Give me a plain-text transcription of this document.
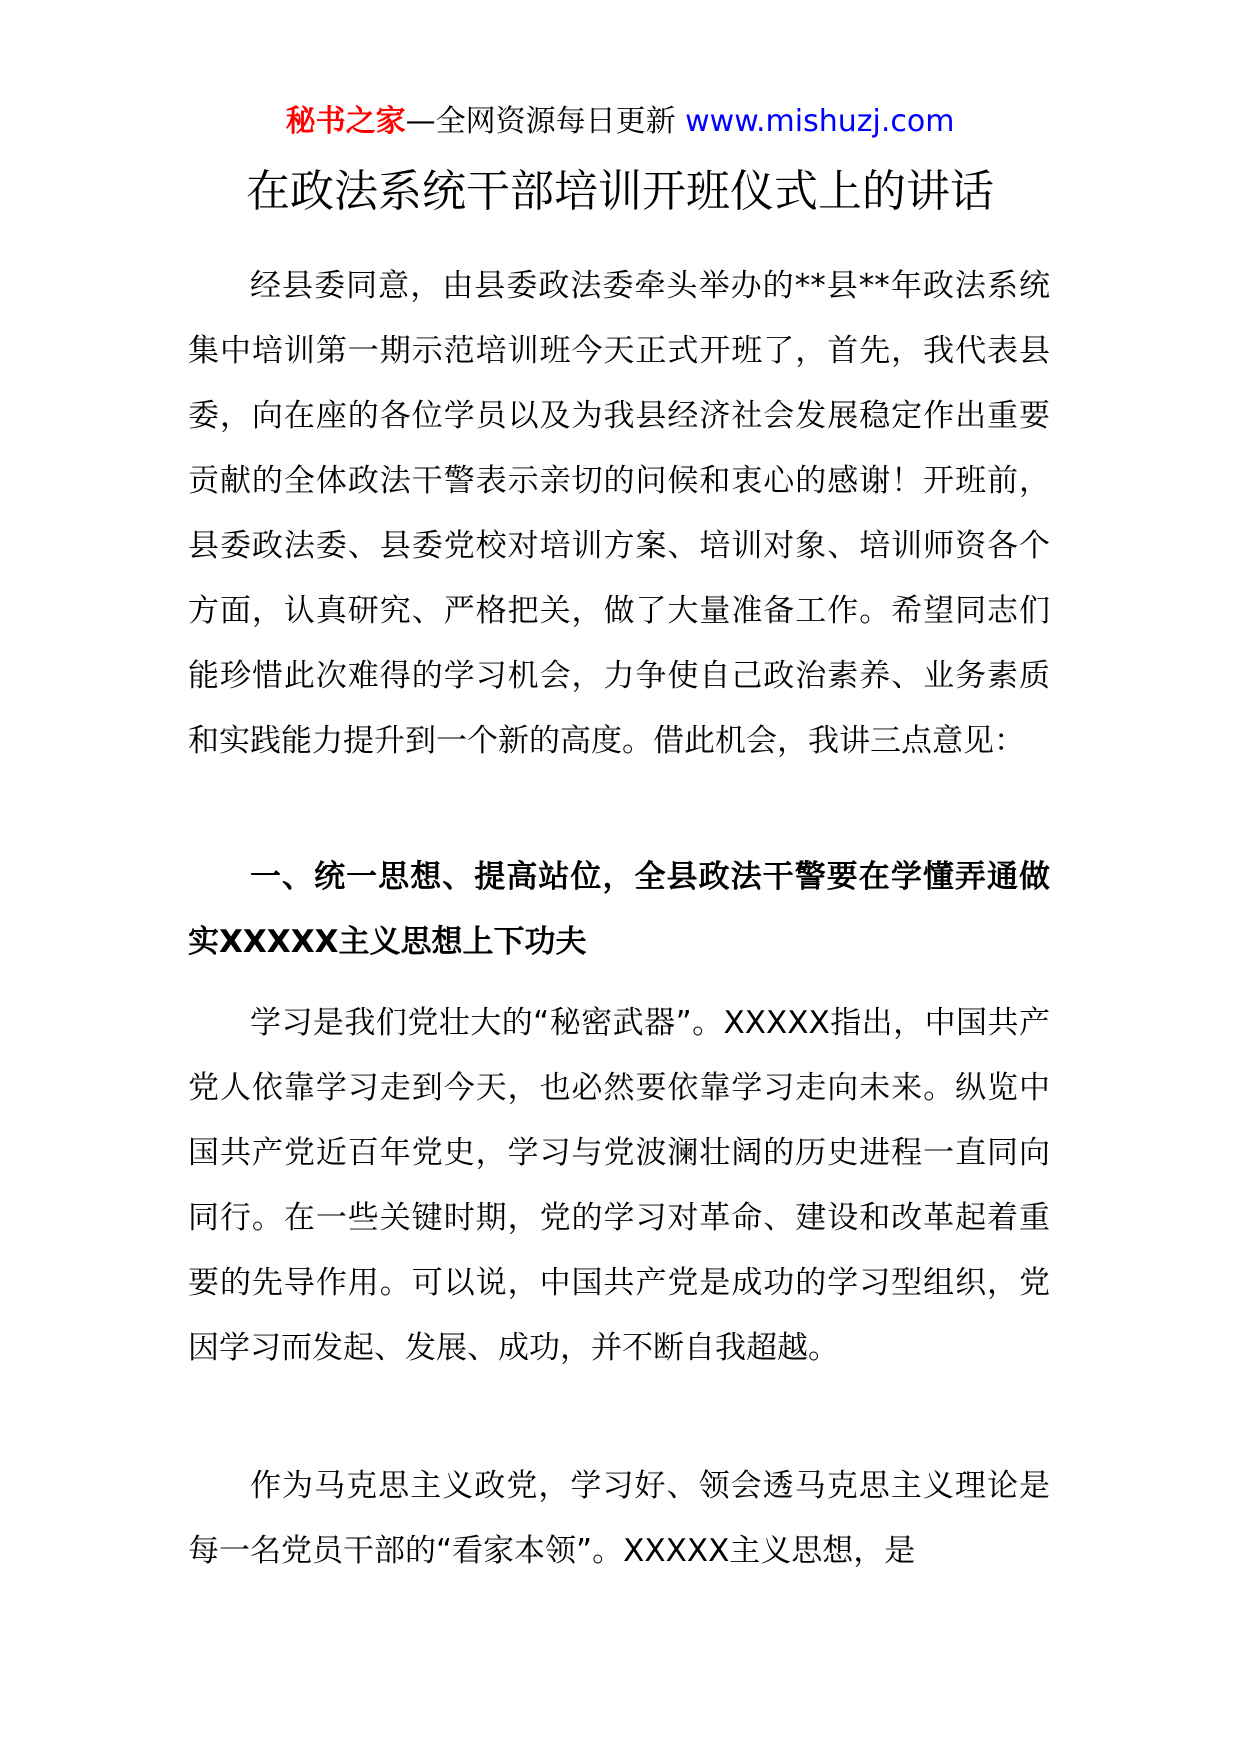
秘书之家—全网资源每日更新 www.mishuzj.com
在政法系统干部培训开班仪式上的讲话

经县委同意，由县委政法委牵头举办的**县**年政法系统集中培训第一期示范培训班今天正式开班了，首先，我代表县委，向在座的各位学员以及为我县经济社会发展稳定作出重要贡献的全体政法干警表示亲切的问候和衷心的感谢！开班前，县委政法委、县委党校对培训方案、培训对象、培训师资各个方面，认真研究、严格把关，做了大量准备工作。希望同志们能珍惜此次难得的学习机会，力争使自己政治素养、业务素质和实践能力提升到一个新的高度。借此机会，我讲三点意见：

一、统一思想、提高站位，全县政法干警要在学懂弄通做实XXXXX主义思想上下功夫

学习是我们党壮大的“秘密武器”。XXXXX指出，中国共产党人依靠学习走到今天，也必然要依靠学习走向未来。纵览中国共产党近百年党史，学习与党波澜壮阔的历史进程一直同向同行。在一些关键时期，党的学习对革命、建设和改革起着重要的先导作用。可以说，中国共产党是成功的学习型组织，党因学习而发起、发展、成功，并不断自我超越。

作为马克思主义政党，学习好、领会透马克思主义理论是每一名党员干部的“看家本领”。XXXXX主义思想，是
